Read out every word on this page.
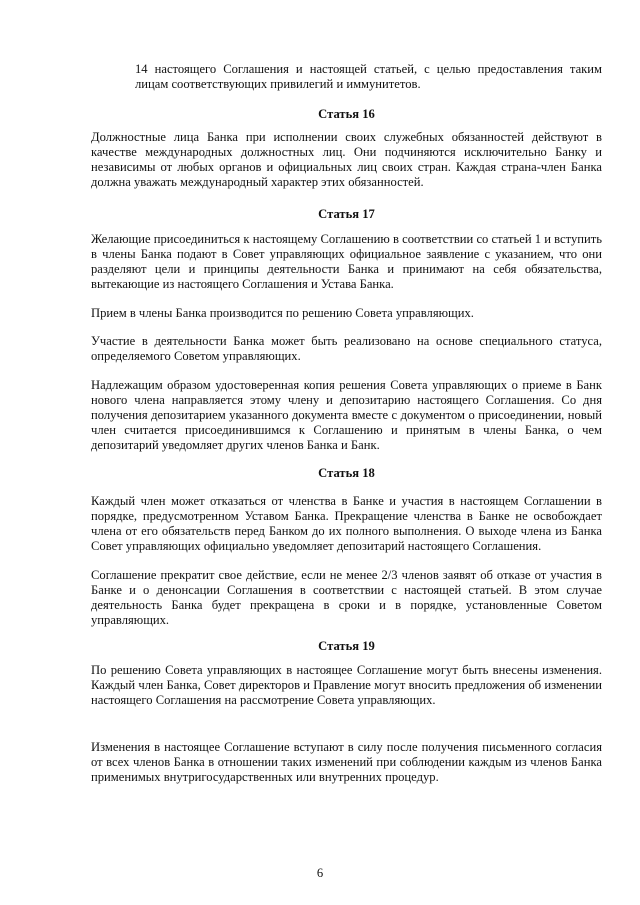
14 настоящего Соглашения и настоящей статьей, с целью предоставления таким лицам соответствующих привилегий и иммунитетов.

Статья 16

Должностные лица Банка при исполнении своих служебных обязанностей действуют в качестве международных должностных лиц. Они подчиняются исключительно Банку и независимы от любых органов и официальных лиц своих стран. Каждая страна-член Банка должна уважать международный характер этих обязанностей.

Статья 17

Желающие присоединиться к настоящему Соглашению в соответствии со статьей 1 и вступить в члены Банка подают в Совет управляющих официальное заявление с указанием, что они разделяют цели и принципы деятельности Банка и принимают на себя обязательства, вытекающие из настоящего Соглашения и Устава Банка.

Прием в члены Банка производится по решению Совета управляющих.

Участие в деятельности Банка может быть реализовано на основе специального статуса, определяемого Советом управляющих.

Надлежащим образом удостоверенная копия решения Совета управляющих о приеме в Банк нового члена направляется этому члену и депозитарию настоящего Соглашения. Со дня получения депозитарием указанного документа вместе с документом о присоединении, новый член считается присоединившимся к Соглашению и принятым в члены Банка, о чем депозитарий уведомляет других членов Банка и Банк.

Статья 18

Каждый член может отказаться от членства в Банке и участия в настоящем Соглашении в порядке, предусмотренном Уставом Банка. Прекращение членства в Банке не освобождает члена от его обязательств перед Банком до их полного выполнения. О выходе члена из Банка Совет управляющих официально уведомляет депозитарий настоящего Соглашения.

Соглашение прекратит свое действие, если не менее 2/3 членов заявят об отказе от участия в Банке и о денонсации Соглашения в соответствии с настоящей статьей. В этом случае деятельность Банка будет прекращена в сроки и в порядке, установленные Советом управляющих.

Статья 19

По решению Совета управляющих в настоящее Соглашение могут быть внесены изменения. Каждый член Банка, Совет директоров и Правление могут вносить предложения об изменении настоящего Соглашения на рассмотрение Совета управляющих.

Изменения в настоящее Соглашение вступают в силу после получения письменного согласия от всех членов Банка в отношении таких изменений при соблюдении каждым из членов Банка применимых внутригосударственных или внутренних процедур.

6
